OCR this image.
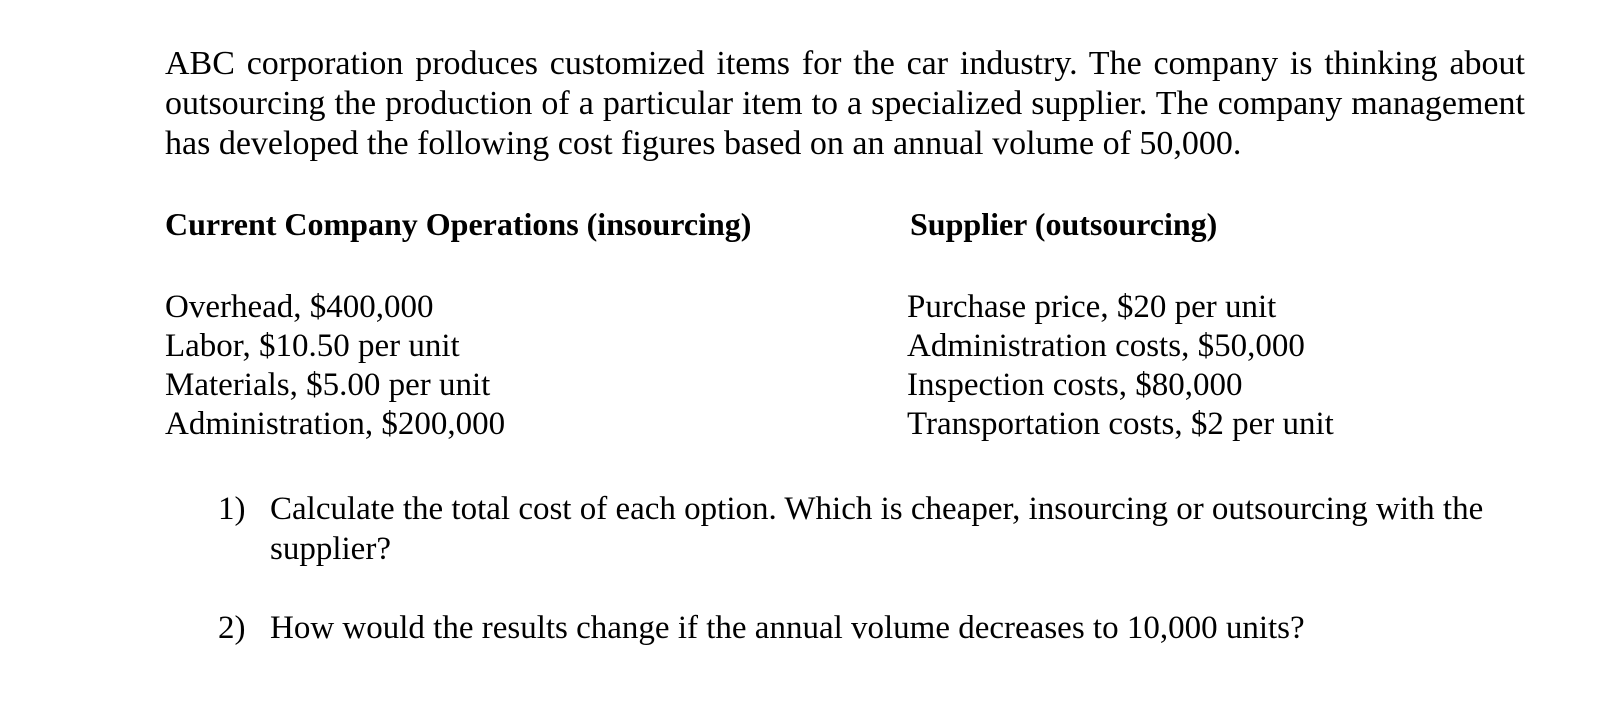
ABC corporation produces customized items for the car industry. The company is thinking about outsourcing the production of a particular item to a specialized supplier. The company management has developed the following cost figures based on an annual volume of 50,000.

Current Company Operations (insourcing)	Supplier (outsourcing)
Overhead, $400,000
Labor, $10.50 per unit
Materials, $5.00 per unit
Administration, $200,000
Purchase price, $20 per unit
Administration costs, $50,000
Inspection costs, $80,000
Transportation costs, $2 per unit
1) Calculate the total cost of each option. Which is cheaper, insourcing or outsourcing with the supplier?
2) How would the results change if the annual volume decreases to 10,000 units?
